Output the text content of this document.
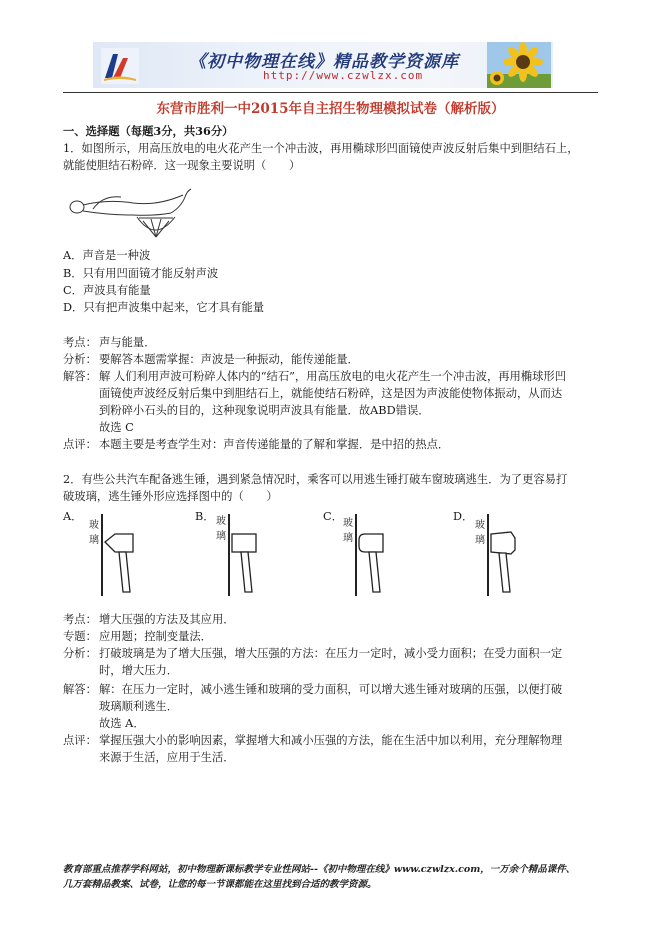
《初中物理在线》精品教学资源库
http://www.czwlzx.com
东营市胜利一中2015年自主招生物理模拟试卷（解析版）
一、选择题（每题3分，共36分）
1．如图所示，用高压放电的电火花产生一个冲击波，再用椭球形凹面镜使声波反射后集中到胆结石上，
就能使胆结石粉碎．这一现象主要说明（　　）
A．声音是一种波
B．只有用凹面镜才能反射声波
C．声波具有能量
D．只有把声波集中起来，它才具有能量
考点： 声与能量．
分析： 要解答本题需掌握：声波是一种振动，能传递能量．
解答： 解 人们利用声波可粉碎人体内的“结石”，用高压放电的电火花产生一个冲击波，再用椭球形凹
面镜使声波经反射后集中到胆结石上，就能使结石粉碎，这是因为声波能使物体振动，从而达
到粉碎小石头的目的，这种现象说明声波具有能量．故ABD错误．
故选 C
点评： 本题主要是考查学生对：声音传递能量的了解和掌握．是中招的热点．
2．有些公共汽车配备逃生锤，遇到紧急情况时，乘客可以用逃生锤打破车窗玻璃逃生．为了更容易打
破玻璃，逃生锤外形应选择图中的（　　）
A．
玻
璃
B． 玻
璃
C．
玻
璃
D．
玻
璃
考点： 增大压强的方法及其应用．
专题： 应用题；控制变量法．
分析： 打破玻璃是为了增大压强，增大压强的方法：在压力一定时，减小受力面积；在受力面积一定
时，增大压力．
解答： 解：在压力一定时，减小逃生锤和玻璃的受力面积，可以增大逃生锤对玻璃的压强，以便打破
玻璃顺利逃生．
故选 A．
点评： 掌握压强大小的影响因素，掌握增大和减小压强的方法，能在生活中加以利用，充分理解物理
来源于生活，应用于生活．
教育部重点推荐学科网站，初中物理新课标教学专业性网站--《初中物理在线》www.czwlzx.com，一万余个精品课件、
几万套精品教案、试卷，让您的每一节课都能在这里找到合适的教学资源。
